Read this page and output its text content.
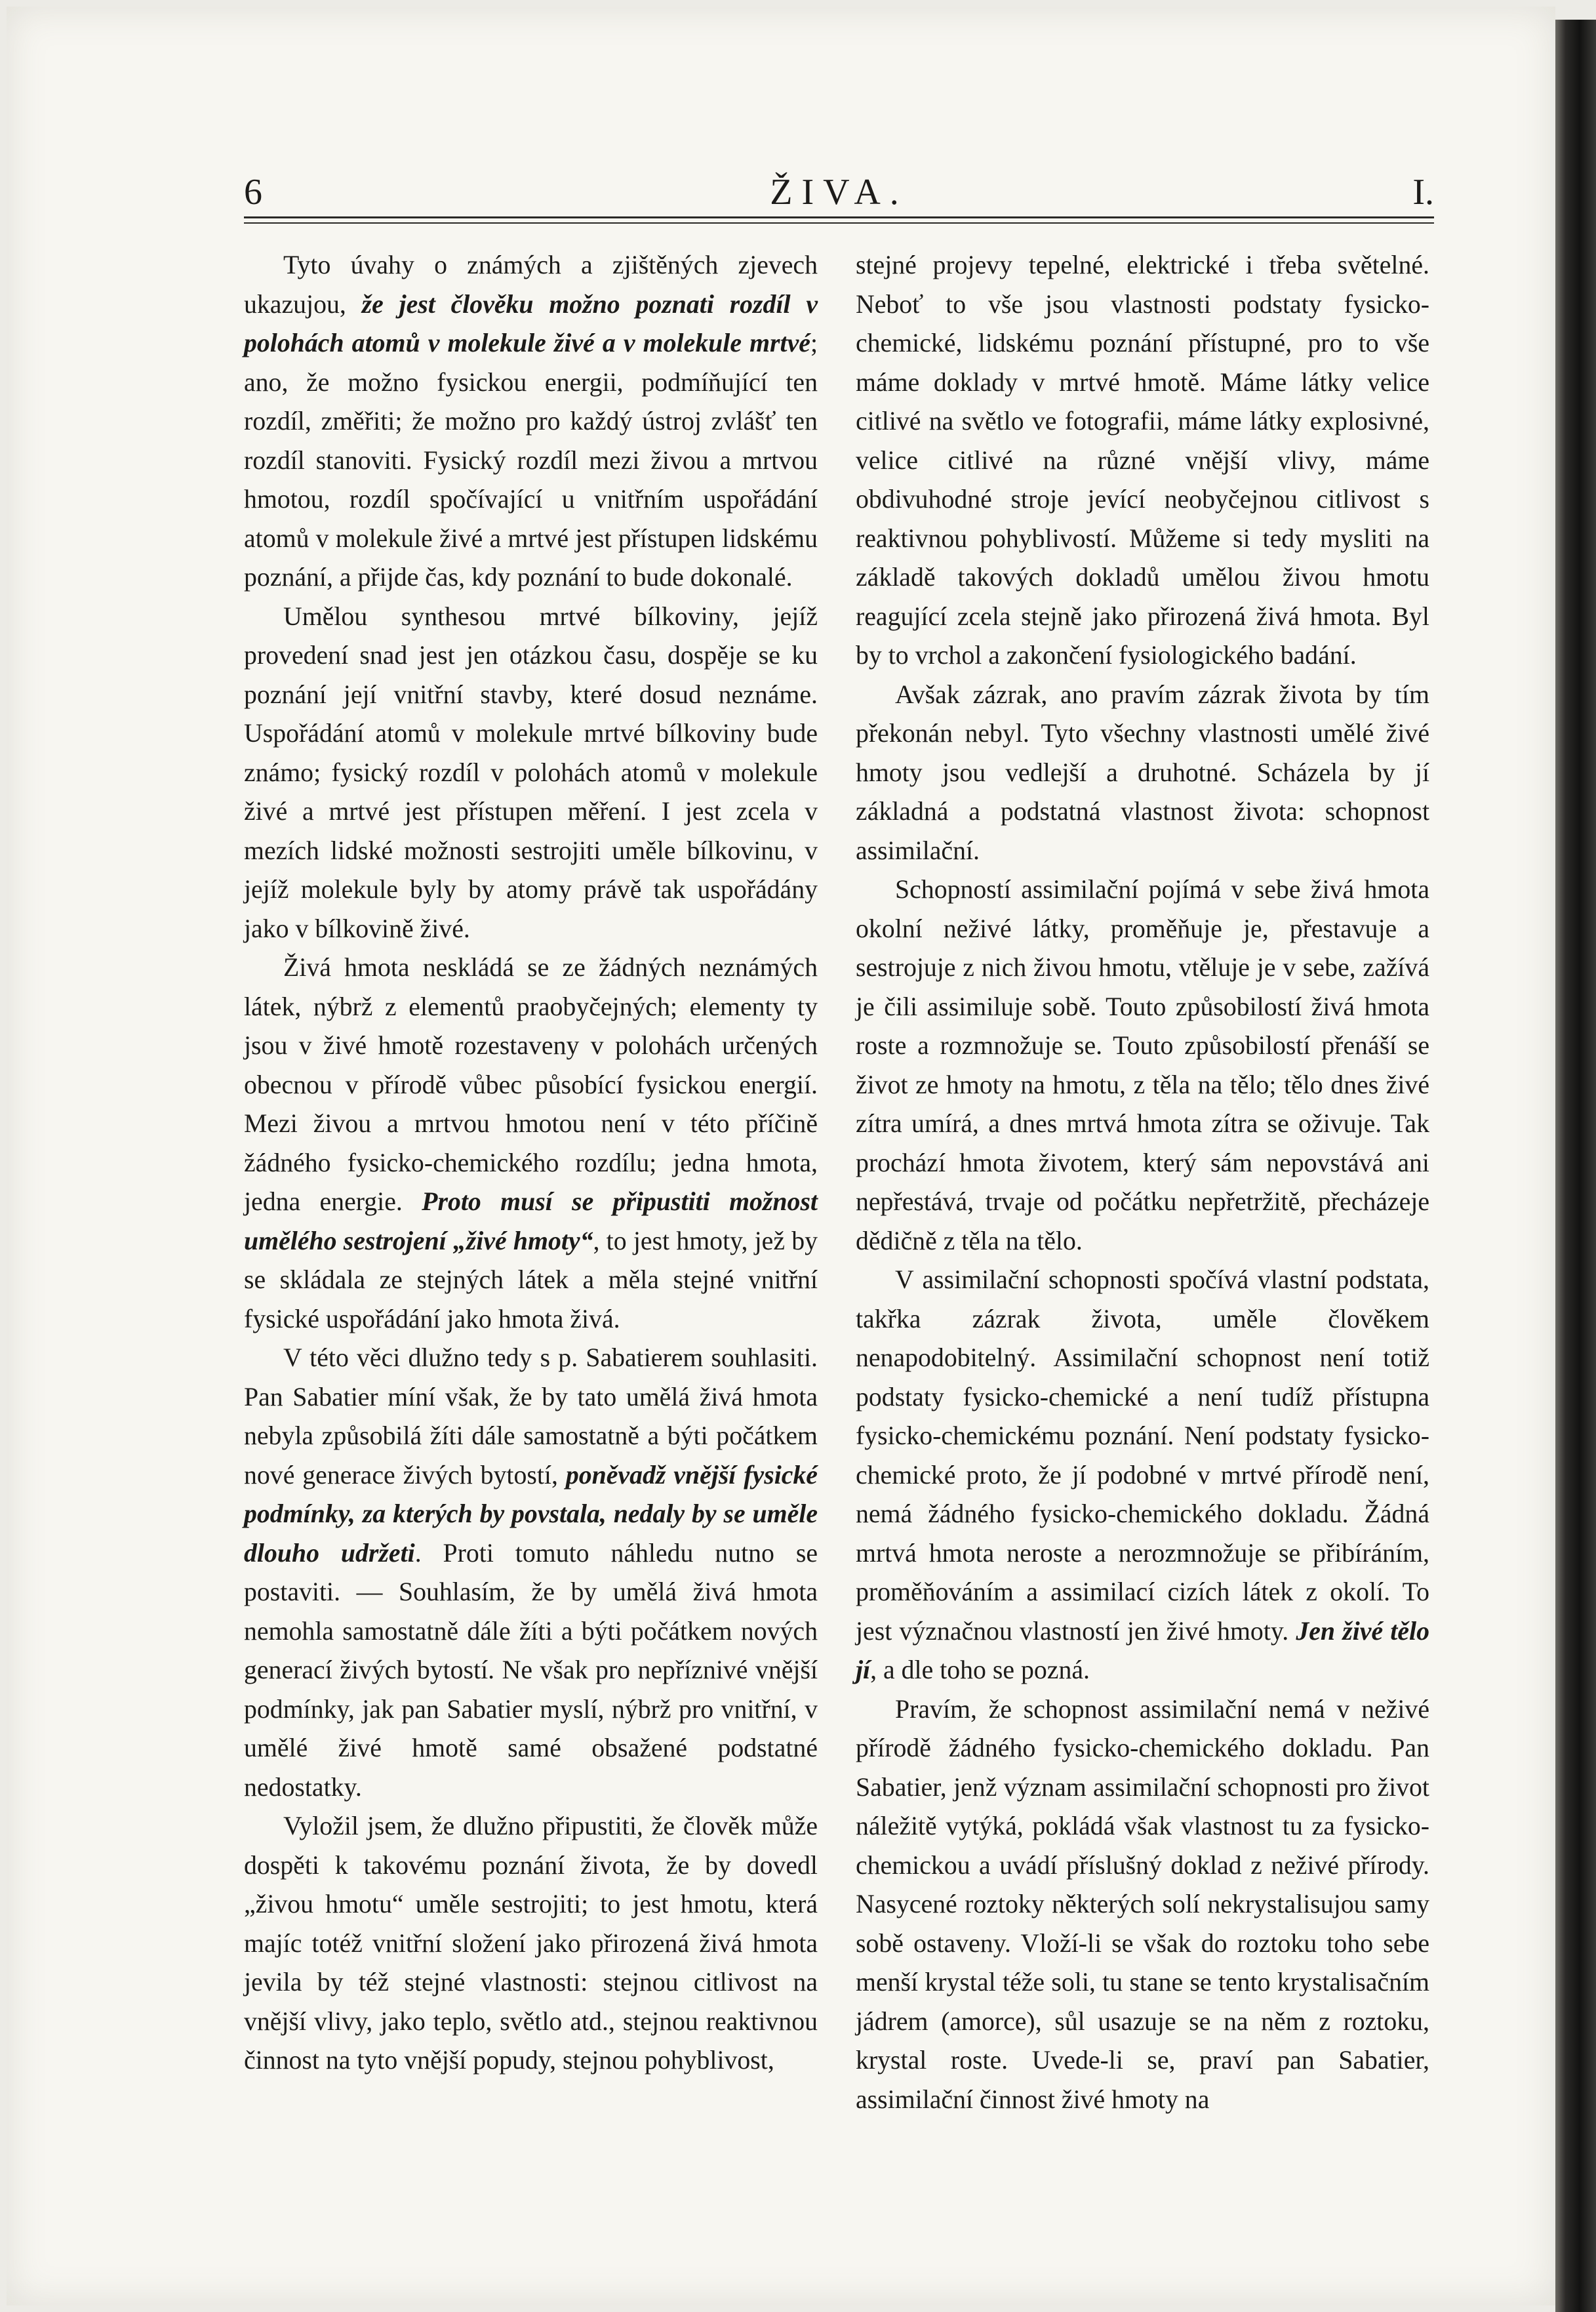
ŽIVA.
6	I.

Tyto úvahy o známých a zjištěných zjevech ukazujou, že jest člověku možno poznati rozdíl v polohách atomů v molekule živé a v molekule mrtvé; ano, že možno fysickou energii, podmíňující ten rozdíl, změřiti; že možno pro každý ústroj zvlášť ten rozdíl stanoviti. Fysický rozdíl mezi živou a mrtvou hmotou, rozdíl spočívající u vnitřním uspořádání atomů v molekule živé a mrtvé jest přístupen lidskému poznání, a přijde čas, kdy poznání to bude dokonalé.

Umělou synthesou mrtvé bílkoviny, jejíž provedení snad jest jen otázkou času, dospěje se ku poznání její vnitřní stavby, které dosud neznáme. Uspořádání atomů v molekule mrtvé bílkoviny bude známo; fysický rozdíl v polohách atomů v molekule živé a mrtvé jest přístupen měření. I jest zcela v mezích lidské možnosti sestrojiti uměle bílkovinu, v jejíž molekule byly by atomy právě tak uspořádány jako v bílkovině živé.

Živá hmota neskládá se ze žádných neznámých látek, nýbrž z elementů praobyčejných; elementy ty jsou v živé hmotě rozestaveny v polohách určených obecnou v přírodě vůbec působící fysickou energií. Mezi živou a mrtvou hmotou není v této příčině žádného fysicko-chemického rozdílu; jedna hmota, jedna energie. Proto musí se připustiti možnost umělého sestrojení „živé hmoty“, to jest hmoty, jež by se skládala ze stejných látek a měla stejné vnitřní fysické uspořádání jako hmota živá.

V této věci dlužno tedy s p. Sabatierem souhlasiti. Pan Sabatier míní však, že by tato umělá živá hmota nebyla způsobilá žíti dále samostatně a býti počátkem nové generace živých bytostí, poněvadž vnější fysické podmínky, za kterých by povstala, nedaly by se uměle dlouho udržeti. Proti tomuto náhledu nutno se postaviti. — Souhlasím, že by umělá živá hmota nemohla samostatně dále žíti a býti počátkem nových generací živých bytostí. Ne však pro nepříznivé vnější podmínky, jak pan Sabatier myslí, nýbrž pro vnitřní, v umělé živé hmotě samé obsažené podstatné nedostatky.

Vyložil jsem, že dlužno připustiti, že člověk může dospěti k takovému poznání života, že by dovedl „živou hmotu“ uměle sestrojiti; to jest hmotu, která majíc totéž vnitřní složení jako přirozená živá hmota jevila by též stejné vlastnosti: stejnou citlivost na vnější vlivy, jako teplo, světlo atd., stejnou reaktivnou činnost na tyto vnější popudy, stejnou pohyblivost,

stejné projevy tepelné, elektrické i třeba světelné. Neboť to vše jsou vlastnosti podstaty fysicko-chemické, lidskému poznání přístupné, pro to vše máme doklady v mrtvé hmotě. Máme látky velice citlivé na světlo ve fotografii, máme látky explosivné, velice citlivé na různé vnější vlivy, máme obdivuhodné stroje jevící neobyčejnou citlivost s reaktivnou pohyblivostí. Můžeme si tedy mysliti na základě takových dokladů umělou živou hmotu reagující zcela stejně jako přirozená živá hmota. Byl by to vrchol a zakončení fysiologického badání.

Avšak zázrak, ano pravím zázrak života by tím překonán nebyl. Tyto všechny vlastnosti umělé živé hmoty jsou vedlejší a druhotné. Scházela by jí základná a podstatná vlastnost života: schopnost assimilační.

Schopností assimilační pojímá v sebe živá hmota okolní neživé látky, proměňuje je, přestavuje a sestrojuje z nich živou hmotu, vtěluje je v sebe, zažívá je čili assimiluje sobě. Touto způsobilostí živá hmota roste a rozmnožuje se. Touto způsobilostí přenáší se život ze hmoty na hmotu, z těla na tělo; tělo dnes živé zítra umírá, a dnes mrtvá hmota zítra se oživuje. Tak prochází hmota životem, který sám nepovstává ani nepřestává, trvaje od počátku nepřetržitě, přecházeje dědičně z těla na tělo.

V assimilační schopnosti spočívá vlastní podstata, takřka zázrak života, uměle člověkem nenapodobitelný. Assimilační schopnost není totiž podstaty fysicko-chemické a není tudíž přístupna fysicko-chemickému poznání. Není podstaty fysicko-chemické proto, že jí podobné v mrtvé přírodě není, nemá žádného fysicko-chemického dokladu. Žádná mrtvá hmota neroste a nerozmnožuje se přibíráním, proměňováním a assimilací cizích látek z okolí. To jest význačnou vlastností jen živé hmoty. Jen živé tělo jí, a dle toho se pozná.

Pravím, že schopnost assimilační nemá v neživé přírodě žádného fysicko-chemického dokladu. Pan Sabatier, jenž význam assimilační schopnosti pro život náležitě vytýká, pokládá však vlastnost tu za fysicko-chemickou a uvádí příslušný doklad z neživé přírody. Nasycené roztoky některých solí nekrystalisujou samy sobě ostaveny. Vloží-li se však do roztoku toho sebe menší krystal téže soli, tu stane se tento krystalisačním jádrem (amorce), sůl usazuje se na něm z roztoku, krystal roste. Uvede-li se, praví pan Sabatier, assimilační činnost živé hmoty na
